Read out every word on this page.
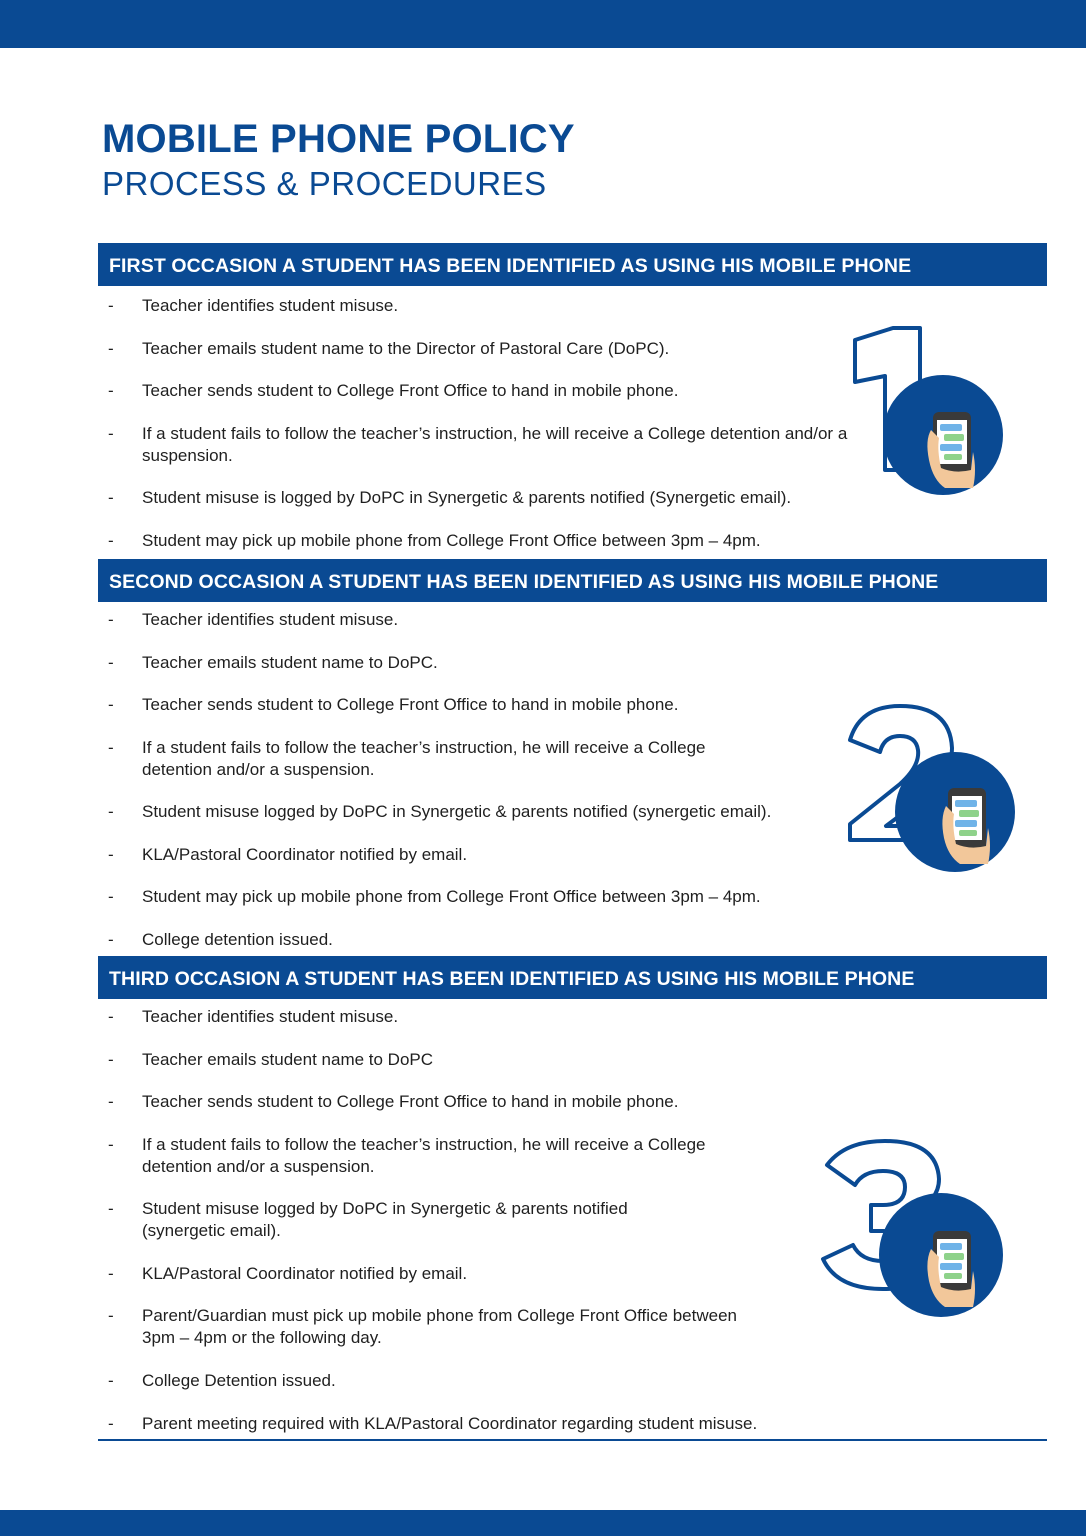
MOBILE PHONE POLICY
PROCESS & PROCEDURES
FIRST OCCASION A STUDENT HAS BEEN IDENTIFIED AS USING HIS MOBILE PHONE
-	Teacher identifies student misuse.
-	Teacher emails student name to the Director of Pastoral Care (DoPC).
-	Teacher sends student to College Front Office to hand in mobile phone.
-	If a student fails to follow the teacher’s instruction, he will receive a College detention and/or a suspension.
-	Student misuse is logged by DoPC in Synergetic & parents notified (Synergetic email).
-	Student may pick up mobile phone from College Front Office between 3pm – 4pm.
SECOND OCCASION A STUDENT HAS BEEN IDENTIFIED AS USING HIS MOBILE PHONE
-	Teacher identifies student misuse.
-	Teacher emails student name to DoPC.
-	Teacher sends student to College Front Office to hand in mobile phone.
-	If a student fails to follow the teacher’s instruction, he will receive a College detention and/or a suspension.
-	Student misuse logged by DoPC in Synergetic & parents notified (synergetic email).
-	KLA/Pastoral Coordinator notified by email.
-	Student may pick up mobile phone from College Front Office between 3pm – 4pm.
-	College detention issued.
THIRD OCCASION A STUDENT HAS BEEN IDENTIFIED AS USING HIS MOBILE PHONE
-	Teacher identifies student misuse.
-	Teacher emails student name to DoPC
-	Teacher sends student to College Front Office to hand in mobile phone.
-	If a student fails to follow the teacher’s instruction, he will receive a College detention and/or a suspension.
-	Student misuse logged by DoPC in Synergetic & parents notified (synergetic email).
-	KLA/Pastoral Coordinator notified by email.
-	Parent/Guardian must pick up mobile phone from College Front Office between 3pm – 4pm or the following day.
-	College Detention issued.
-	Parent meeting required with KLA/Pastoral Coordinator regarding student misuse.
